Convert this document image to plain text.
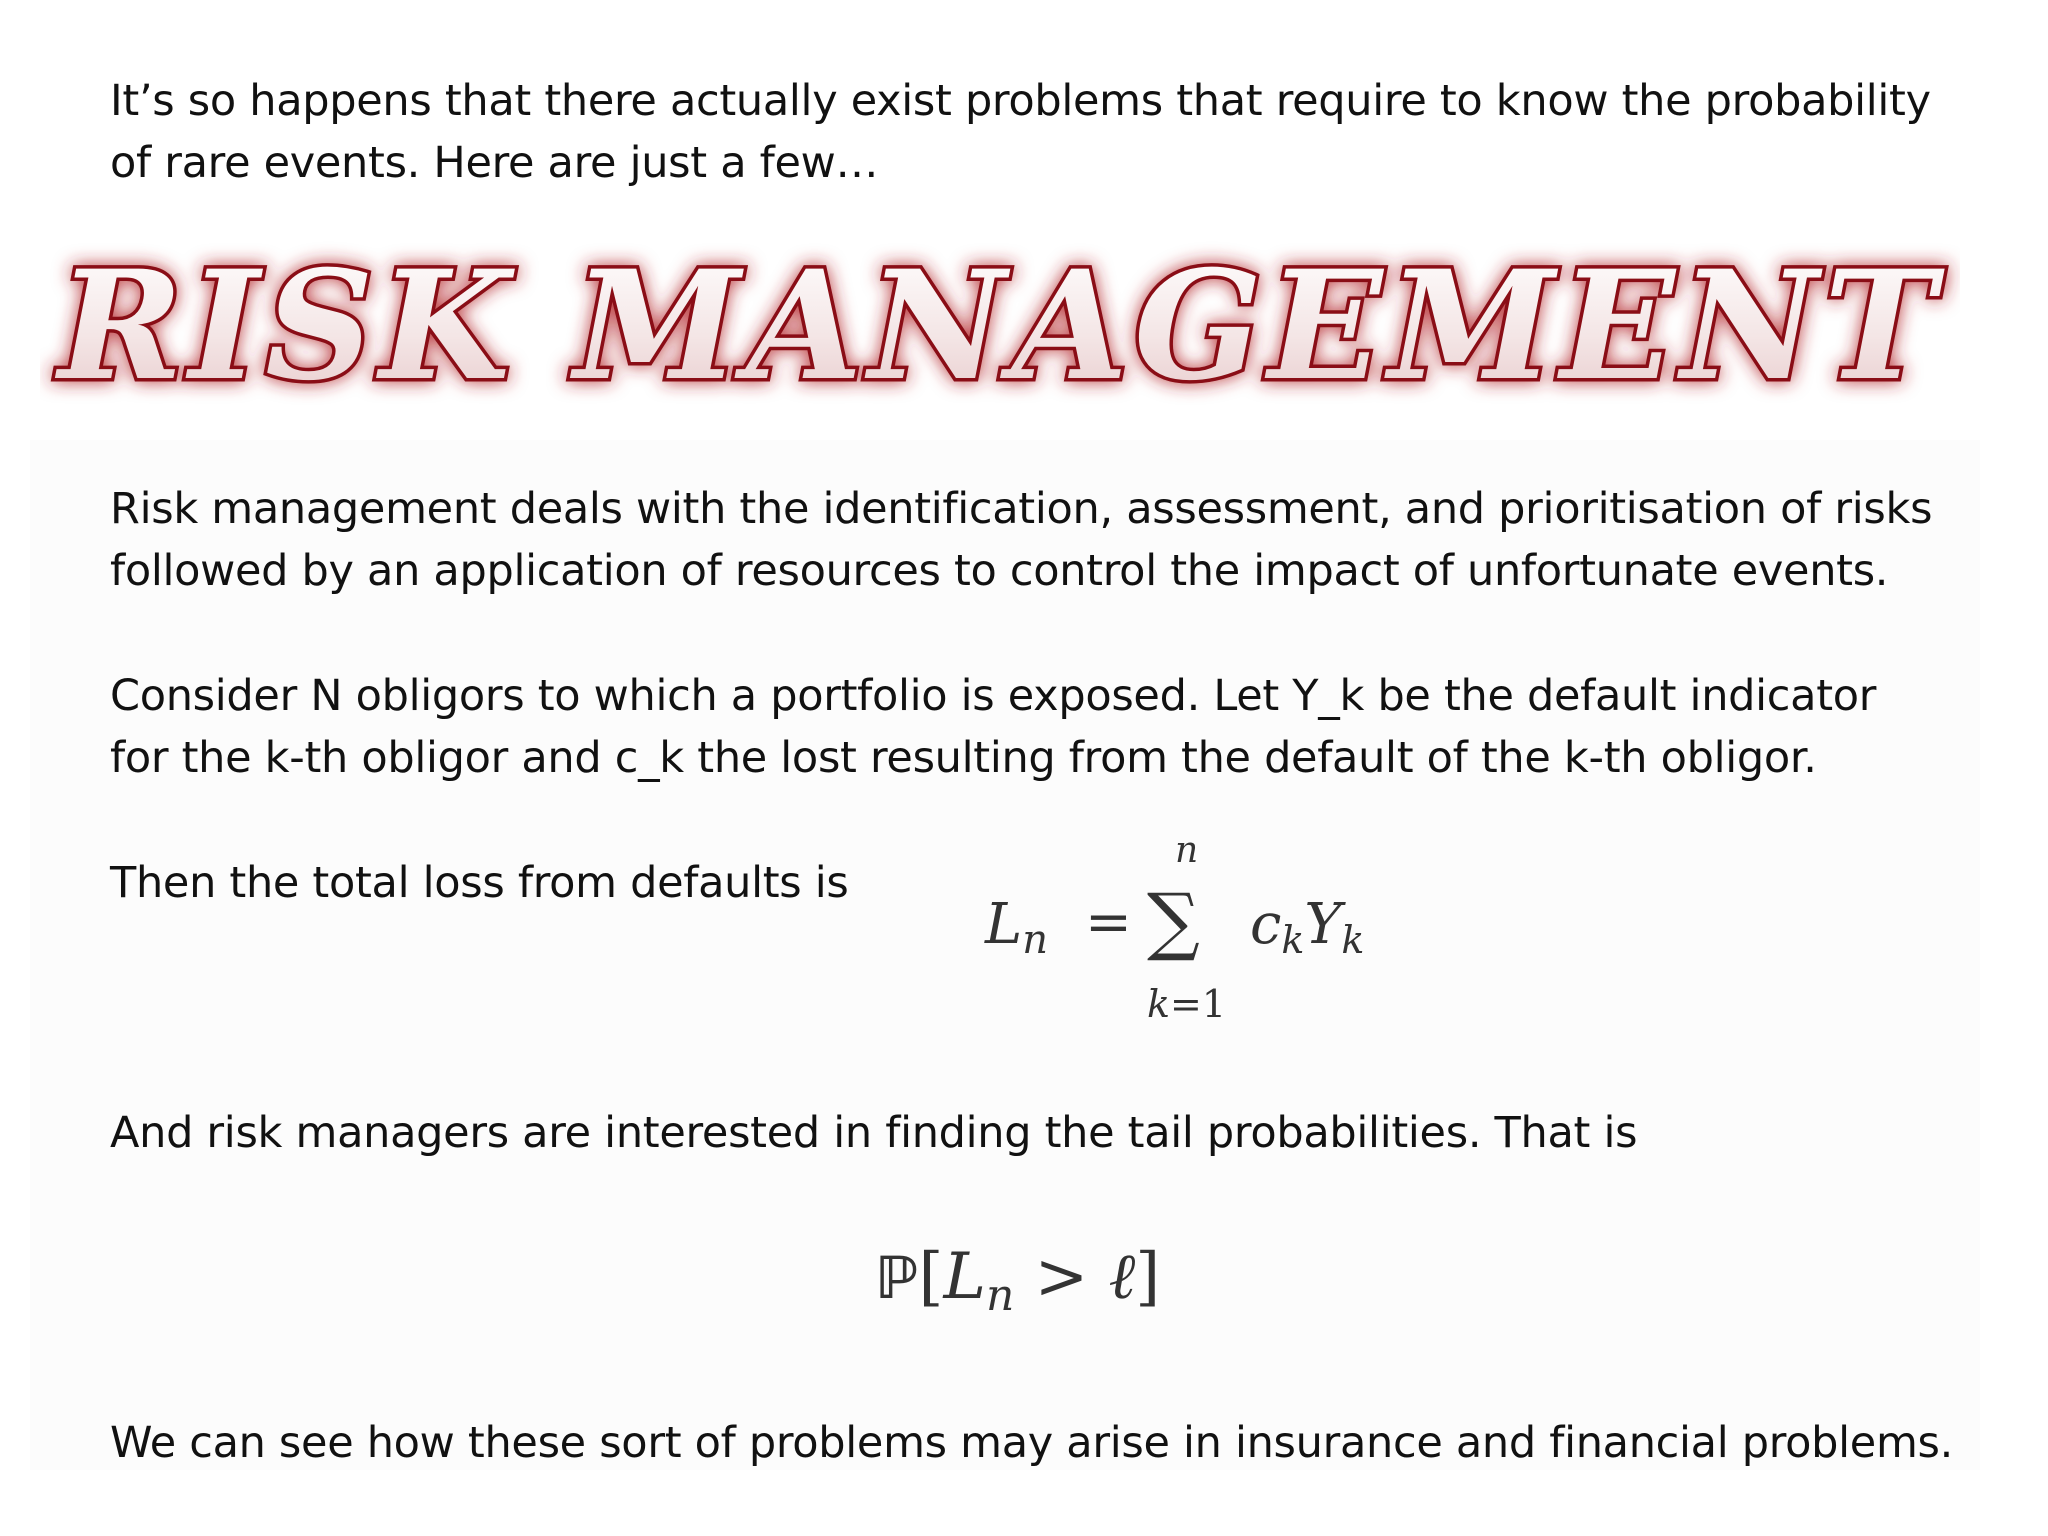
It’s so happens that there actually exist problems that require to know the probability
of rare events. Here are just a few…
RISK MANAGEMENT
Risk management deals with the identification, assessment, and prioritisation of risks
followed by an application of resources to control the impact of unfortunate events.
Consider N obligors to which a portfolio is exposed. Let Y_k be the default indicator
for the k-th obligor and c_k the lost resulting from the default of the k-th obligor.
Then the total loss from defaults is
$L_n$ =
n
∑
k=1
$c_kY_k$
And risk managers are interested in finding the tail probabilities. That is
$ℙ[L_n$ > ℓ]
We can see how these sort of problems may arise in insurance and financial problems.
